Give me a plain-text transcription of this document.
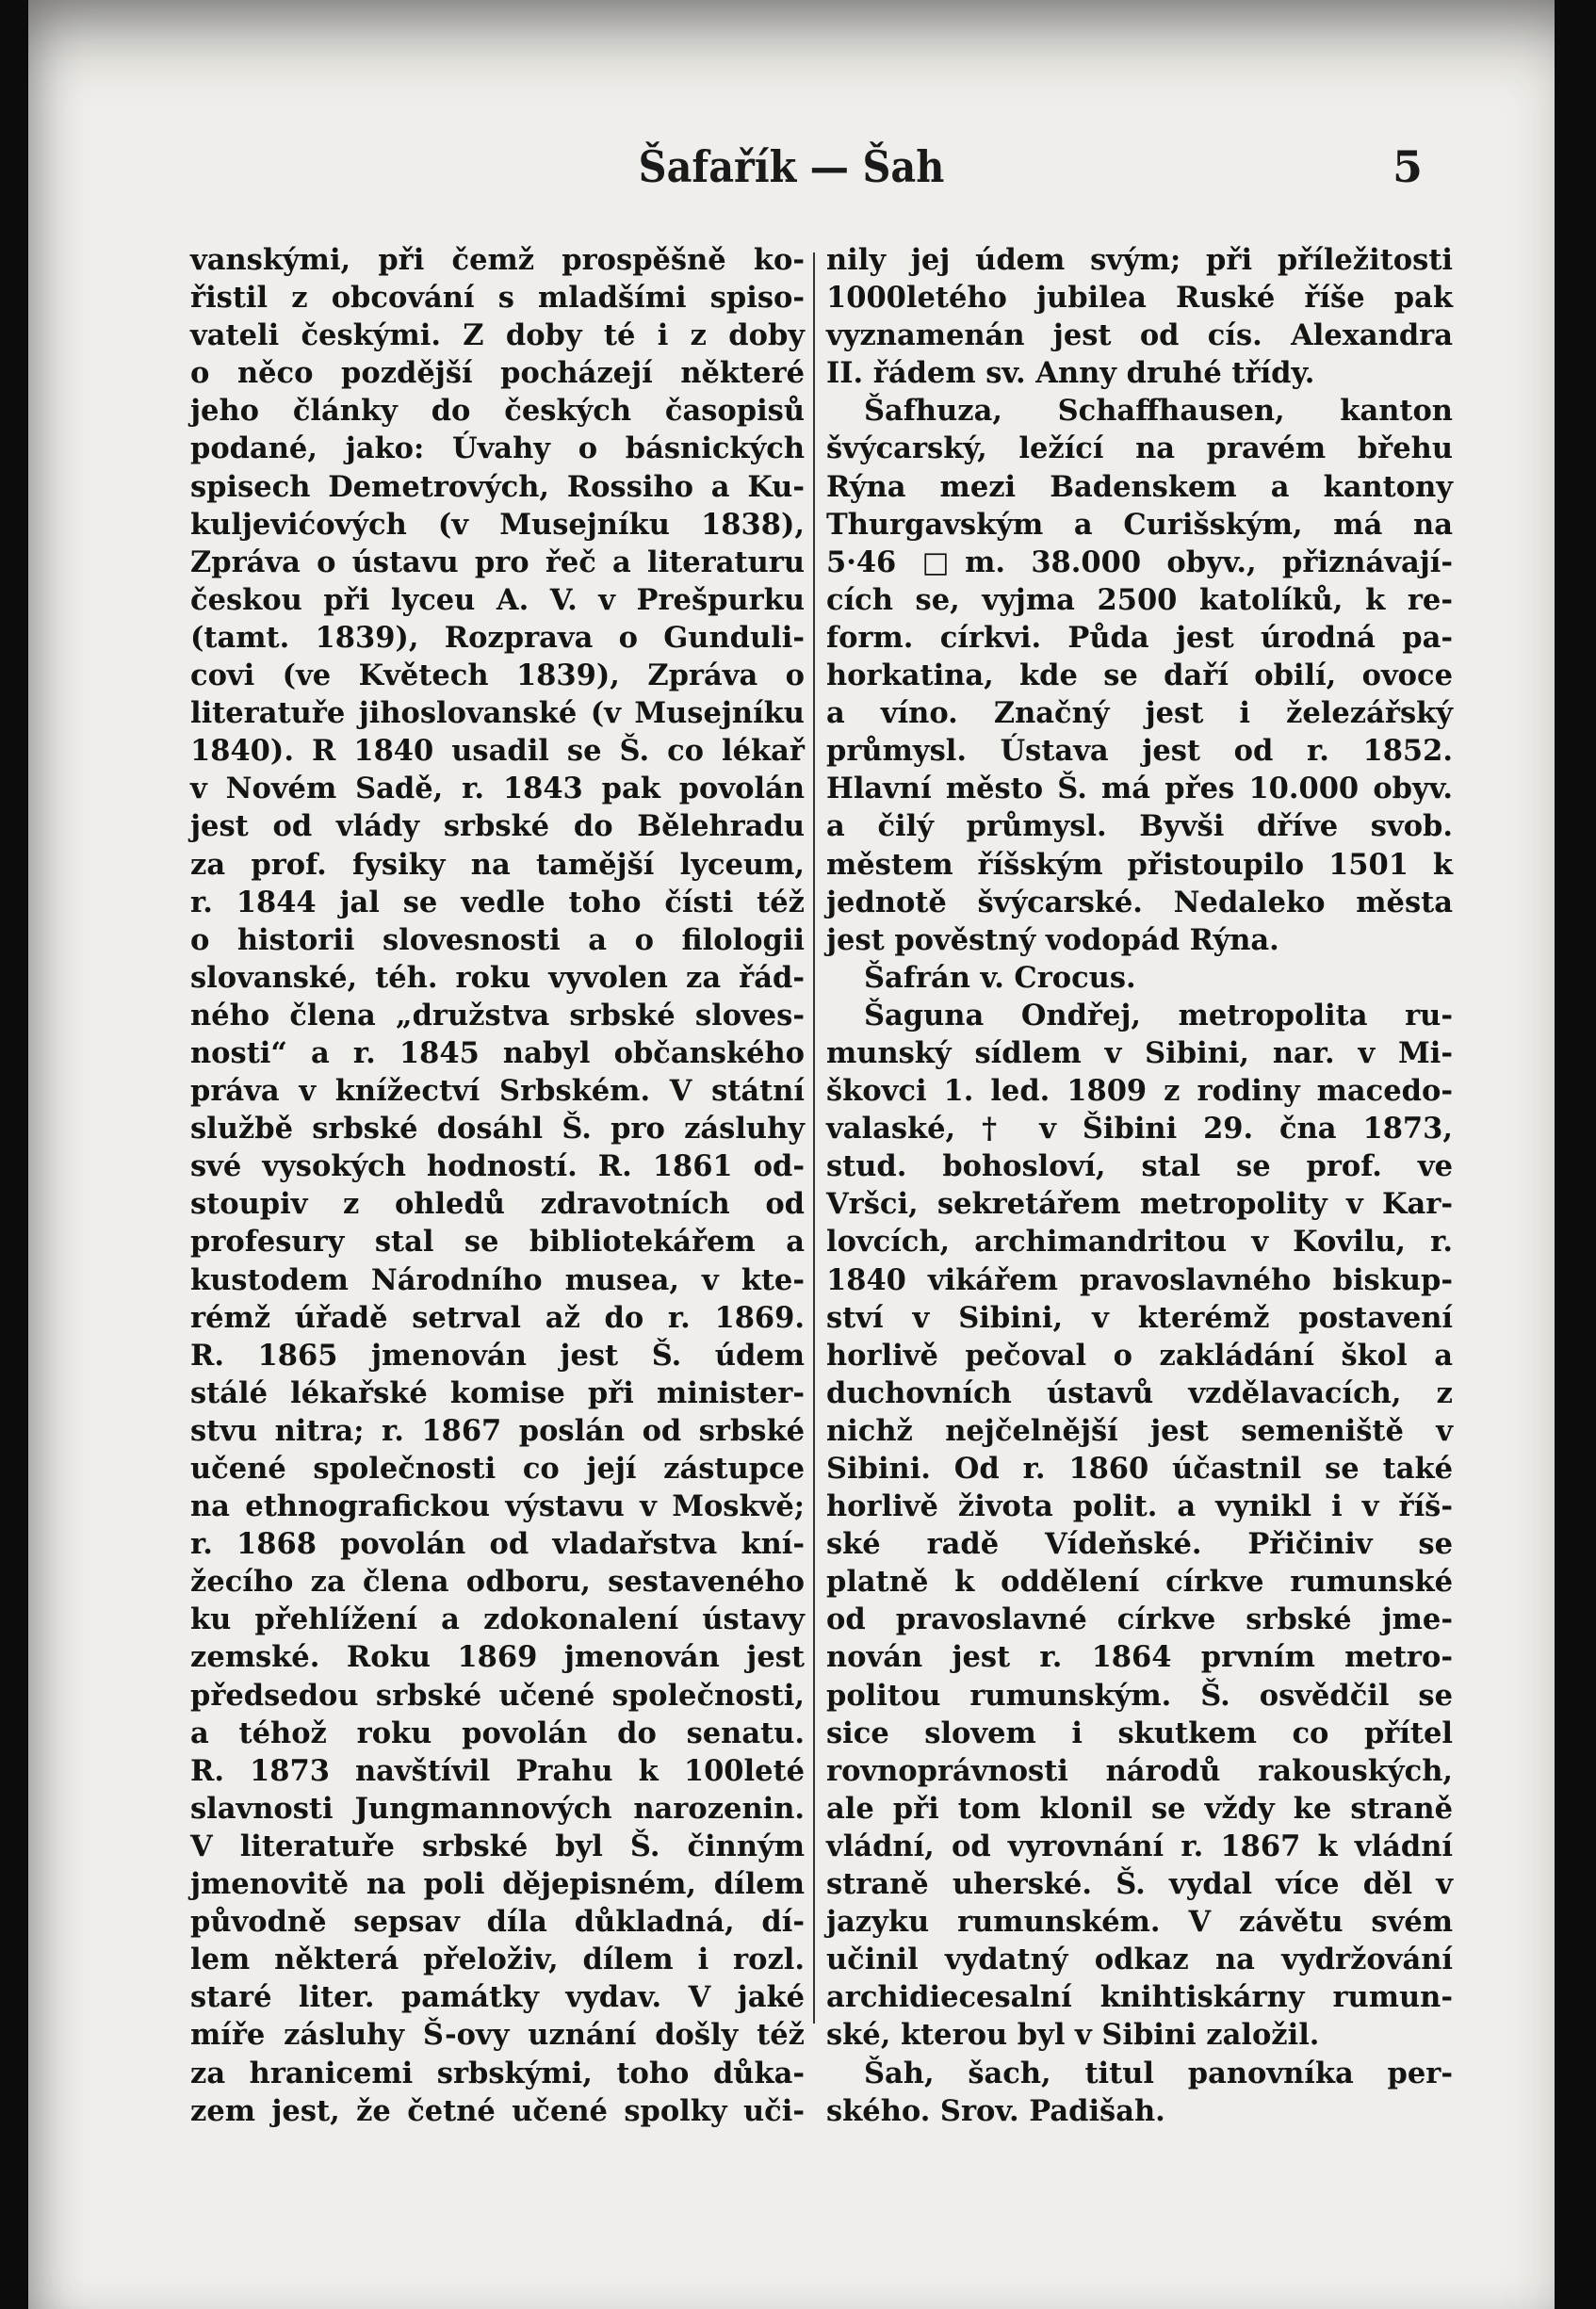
Šafařík — Šah	5
vanskými, při čemž prospěšně ko-
řistil z obcování s mladšími spiso-
vateli českými. Z doby té i z doby
o něco pozdější pocházejí některé
jeho články do českých časopisů
podané, jako: Úvahy o básnických
spisech Demetrových, Rossiho a Ku-
kuljevićových (v Musejníku 1838),
Zpráva o ústavu pro řeč a literaturu
českou při lyceu A. V. v Prešpurku
(tamt. 1839), Rozprava o Gunduli-
covi (ve Květech 1839), Zpráva o
literatuře jihoslovanské (v Musejníku
1840). R 1840 usadil se Š. co lékař
v Novém Sadě, r. 1843 pak povolán
jest od vlády srbské do Bělehradu
za prof. fysiky na tamější lyceum,
r. 1844 jal se vedle toho čísti též
o historii slovesnosti a o filologii
slovanské, téh. roku vyvolen za řád-
ného člena „družstva srbské sloves-
nosti“ a r. 1845 nabyl občanského
práva v knížectví Srbském. V státní
službě srbské dosáhl Š. pro zásluhy
své vysokých hodností. R. 1861 od-
stoupiv z ohledů zdravotních od
profesury stal se bibliotekářem a
kustodem Národního musea, v kte-
rémž úřadě setrval až do r. 1869.
R. 1865 jmenován jest Š. údem
stálé lékařské komise při minister-
stvu nitra; r. 1867 poslán od srbské
učené společnosti co její zástupce
na ethnografickou výstavu v Moskvě;
r. 1868 povolán od vladařstva kní-
žecího za člena odboru, sestaveného
ku přehlížení a zdokonalení ústavy
zemské. Roku 1869 jmenován jest
předsedou srbské učené společnosti,
a téhož roku povolán do senatu.
R. 1873 navštívil Prahu k 100leté
slavnosti Jungmannových narozenin.
V literatuře srbské byl Š. činným
jmenovitě na poli dějepisném, dílem
původně sepsav díla důkladná, dí-
lem některá přeloživ, dílem i rozl.
staré liter. památky vydav. V jaké
míře zásluhy Š-ovy uznání došly též
za hranicemi srbskými, toho důka-
zem jest, že četné učené spolky uči-
nily jej údem svým; při příležitosti
1000letého jubilea Ruské říše pak
vyznamenán jest od cís. Alexandra
II. řádem sv. Anny druhé třídy.
Šafhuza, Schaffhausen, kanton
švýcarský, ležící na pravém břehu
Rýna mezi Badenskem a kantony
Thurgavským a Curišským, má na
5·46 □m. 38.000 obyv., přiznávají-
cích se, vyjma 2500 katolíků, k re-
form. církvi. Půda jest úrodná pa-
horkatina, kde se daří obilí, ovoce
a víno. Značný jest i železářský
průmysl. Ústava jest od r. 1852.
Hlavní město Š. má přes 10.000 obyv.
a čilý průmysl. Byvši dříve svob.
městem říšským přistoupilo 1501 k
jednotě švýcarské. Nedaleko města
jest pověstný vodopád Rýna.
Šafrán v. Crocus.
Šaguna Ondřej, metropolita ru-
munský sídlem v Sibini, nar. v Mi-
škovci 1. led. 1809 z rodiny macedo-
valaské, † v Šibini 29. čna 1873,
stud. bohosloví, stal se prof. ve
Vršci, sekretářem metropolity v Kar-
lovcích, archimandritou v Kovilu, r.
1840 vikářem pravoslavného biskup-
ství v Sibini, v kterémž postavení
horlivě pečoval o zakládání škol a
duchovních ústavů vzdělavacích, z
nichž nejčelnější jest semeniště v
Sibini. Od r. 1860 účastnil se také
horlivě života polit. a vynikl i v říš-
ské radě Vídeňské. Přičiniv se
platně k oddělení církve rumunské
od pravoslavné církve srbské jme-
nován jest r. 1864 prvním metro-
politou rumunským. Š. osvědčil se
sice slovem i skutkem co přítel
rovnoprávnosti národů rakouských,
ale při tom klonil se vždy ke straně
vládní, od vyrovnání r. 1867 k vládní
straně uherské. Š. vydal více děl v
jazyku rumunském. V závětu svém
učinil vydatný odkaz na vydržování
archidiecesalní knihtiskárny rumun-
ské, kterou byl v Sibini založil.
Šah, šach, titul panovníka per-
ského. Srov. Padišah.
